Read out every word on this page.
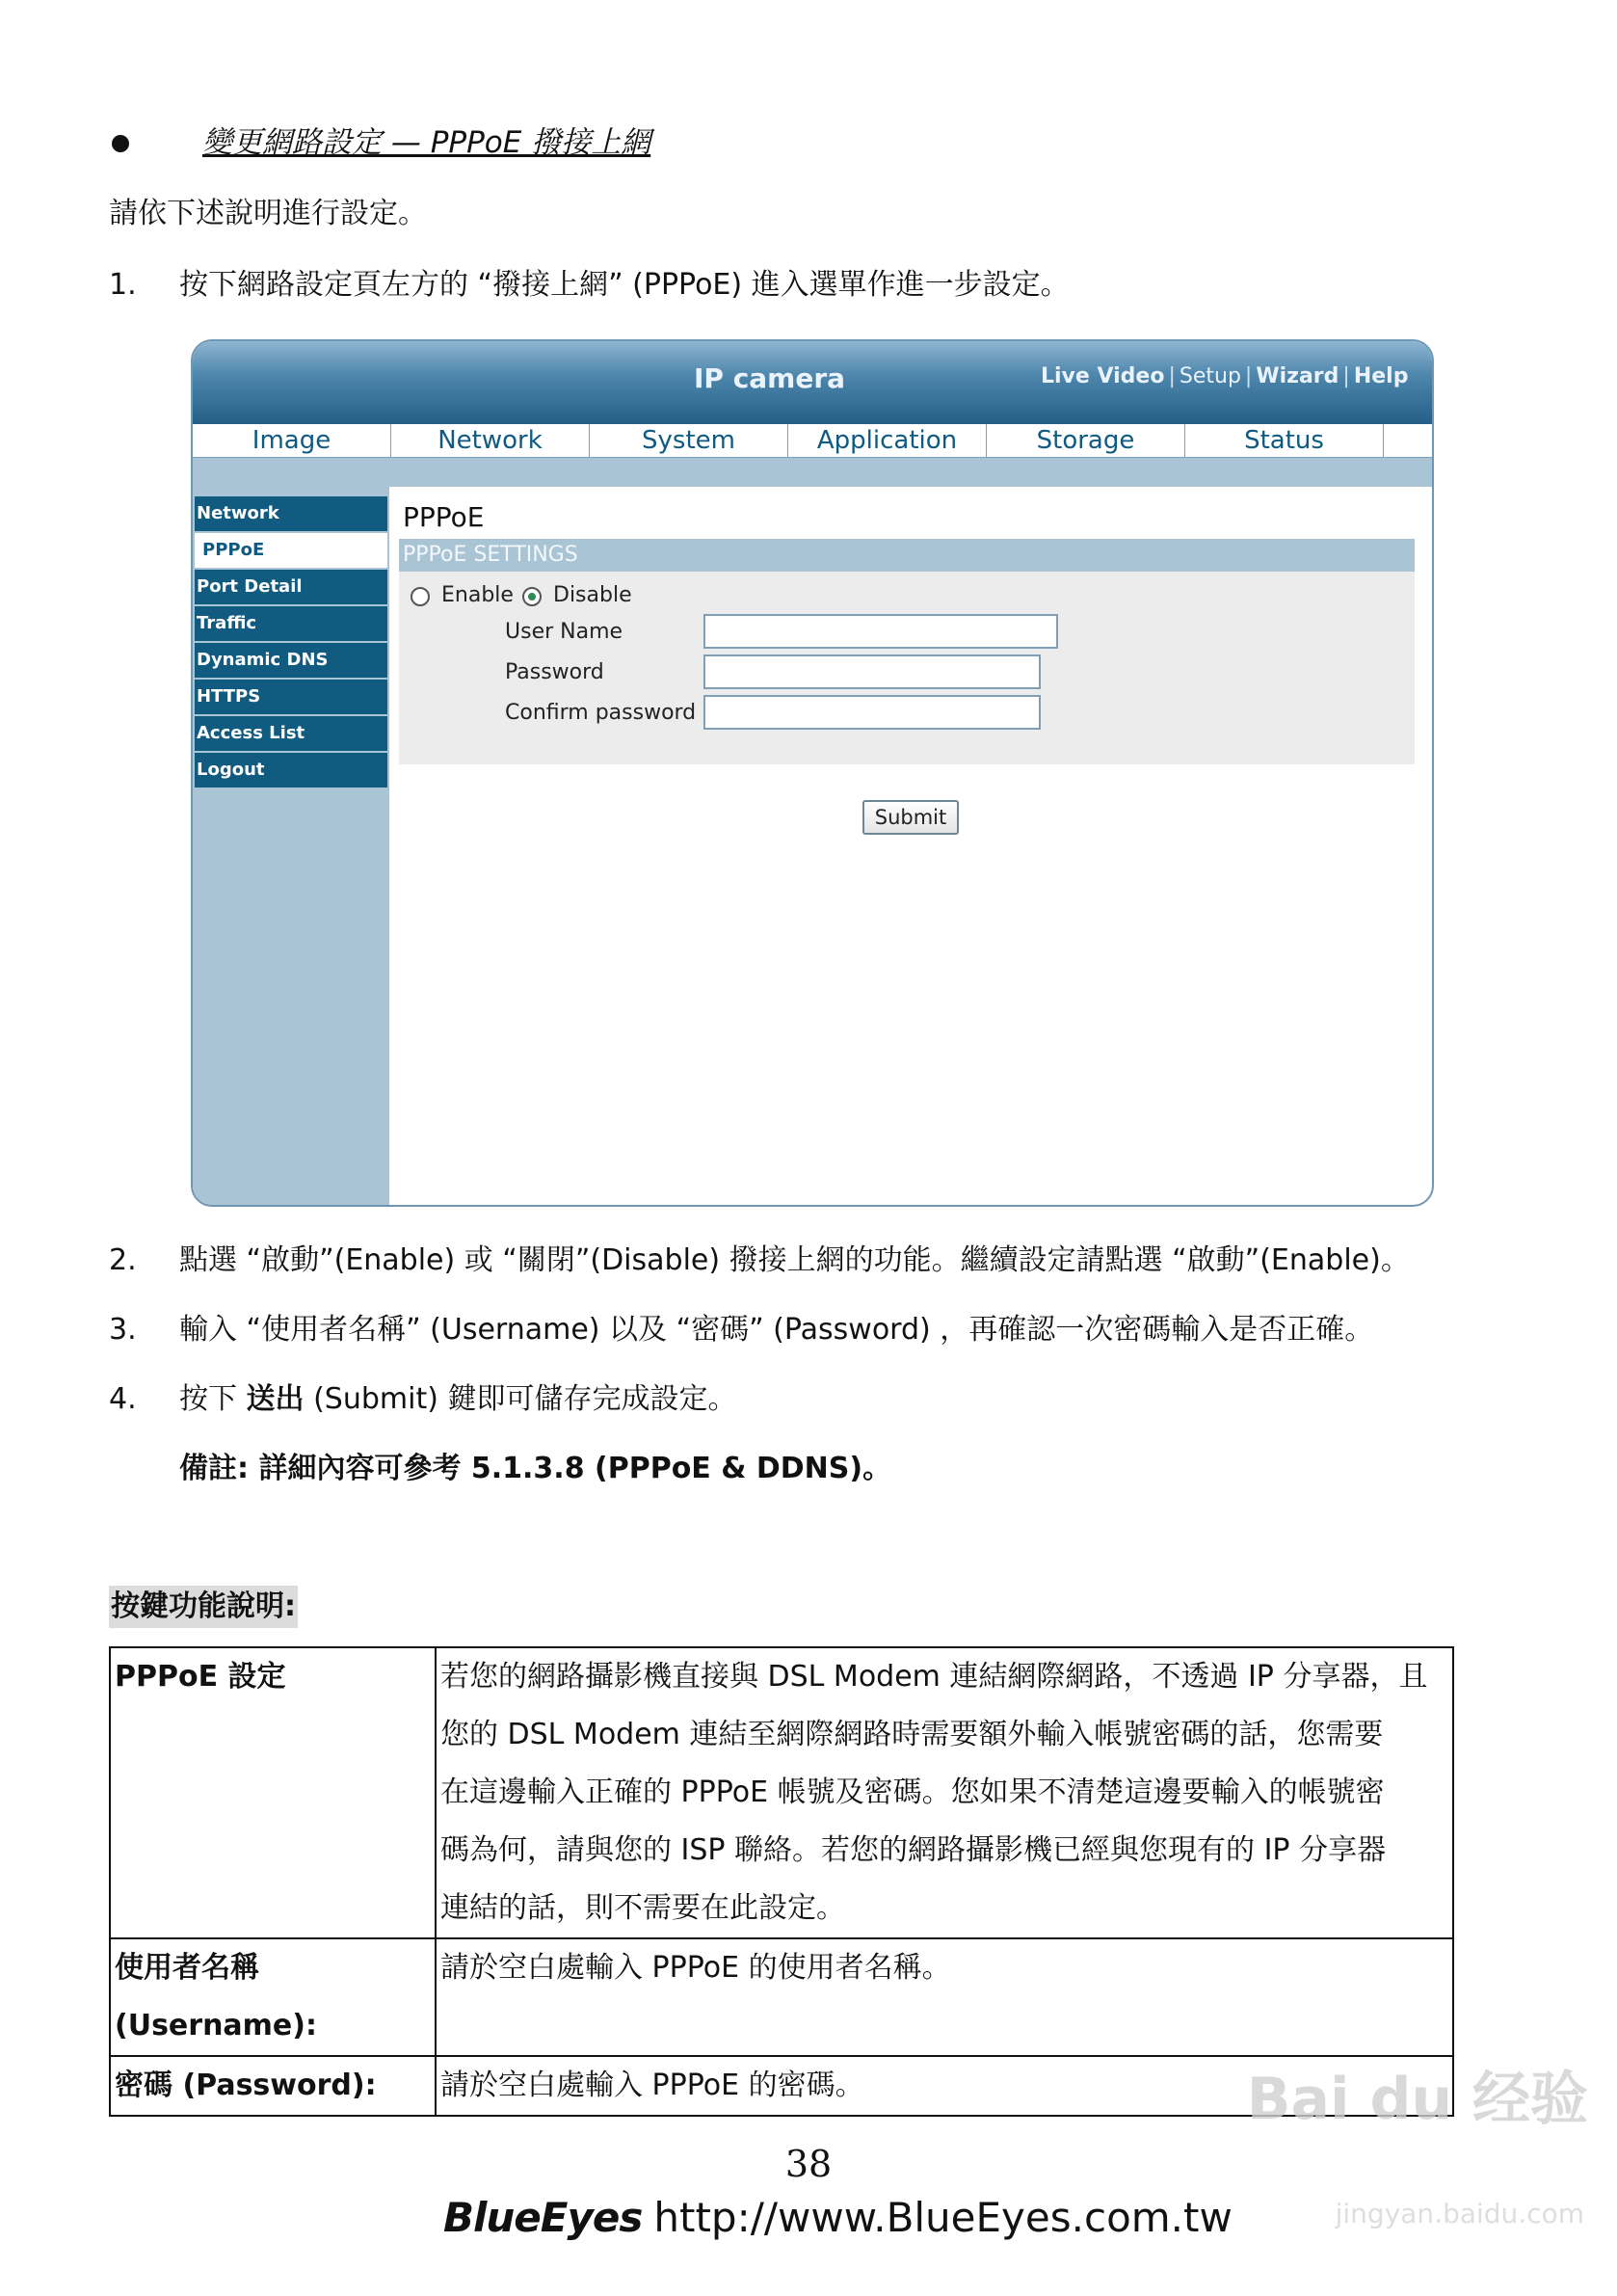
變更網路設定 — PPPoE 撥接上網
請依下述說明進行設定。
1.	按下網路設定頁左方的 “撥接上網” (PPPoE) 進入選單作進一步設定。
IP camera	Live Video | Setup | Wizard | Help
Image	Network	System	Application	Storage	Status
Network
PPPoE
Port Detail
Traffic
Dynamic DNS
HTTPS
Access List
Logout
PPPoE
PPPoE SETTINGS
Enable Disable
User Name
Password
Confirm password
Submit
2.	點選 “啟動”(Enable) 或 “關閉”(Disable) 撥接上網的功能。繼續設定請點選 “啟動”(Enable)。
3.	輸入 “使用者名稱” (Username) 以及 “密碼” (Password) ，再確認一次密碼輸入是否正確。
4.	按下 送出 (Submit) 鍵即可儲存完成設定。
備註: 詳細內容可參考 5.1.3.8 (PPPoE & DDNS)。
按鍵功能說明:
PPPoE 設定	若您的網路攝影機直接與 DSL Modem 連結網際網路，不透過 IP 分享器，且
您的 DSL Modem 連結至網際網路時需要額外輸入帳號密碼的話，您需要
在這邊輸入正確的 PPPoE 帳號及密碼。您如果不清楚這邊要輸入的帳號密
碼為何，請與您的 ISP 聯絡。若您的網路攝影機已經與您現有的 IP 分享器
連結的話，則不需要在此設定。

使用者名稱
(Username):	請於空白處輸入 PPPoE 的使用者名稱。

密碼 (Password):	請於空白處輸入 PPPoE 的密碼。
38
BlueEyes http://www.BlueEyes.com.tw
Bai du 经验
jingyan.baidu.com
